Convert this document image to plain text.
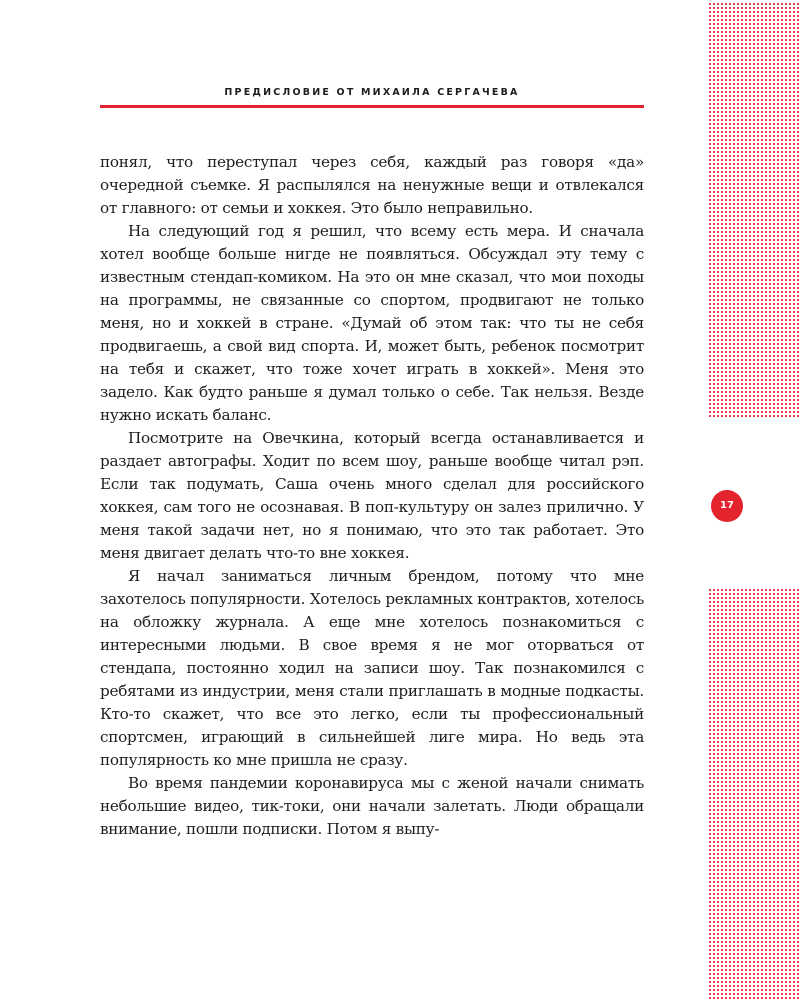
ПРЕДИСЛОВИЕ ОТ МИХАИЛА СЕРГАЧЕВА

понял, что переступал через себя, каждый раз говоря «да» очередной съемке. Я распылялся на ненужные вещи и отвлекался от главного: от семьи и хоккея. Это было неправильно.

На следующий год я решил, что всему есть мера. И сначала хотел вообще больше нигде не появляться. Обсуждал эту тему с известным стендап-комиком. На это он мне сказал, что мои походы на программы, не связанные со спортом, продвигают не только меня, но и хоккей в стране. «Думай об этом так: что ты не себя продвигаешь, а свой вид спорта. И, может быть, ребенок посмотрит на тебя и скажет, что тоже хочет играть в хоккей». Меня это задело. Как будто раньше я думал только о себе. Так нельзя. Везде нужно искать баланс.

Посмотрите на Овечкина, который всегда останавливается и раздает автографы. Ходит по всем шоу, раньше вообще читал рэп. Если так подумать, Саша очень много сделал для российского хоккея, сам того не осознавая. В поп-культуру он залез прилично. У меня такой задачи нет, но я понимаю, что это так работает. Это меня двигает делать что-то вне хоккея.

Я начал заниматься личным брендом, потому что мне захотелось популярности. Хотелось рекламных контрактов, хотелось на обложку журнала. А еще мне хотелось познакомиться с интересными людьми. В свое время я не мог оторваться от стендапа, постоянно ходил на записи шоу. Так познакомился с ребятами из индустрии, меня стали приглашать в модные подкасты. Кто-то скажет, что все это легко, если ты профессиональный спортсмен, играющий в сильнейшей лиге мира. Но ведь эта популярность ко мне пришла не сразу.

Во время пандемии коронавируса мы с женой начали снимать небольшие видео, тик-токи, они начали залетать. Люди обращали внимание, пошли подписки. Потом я выпу-

17
